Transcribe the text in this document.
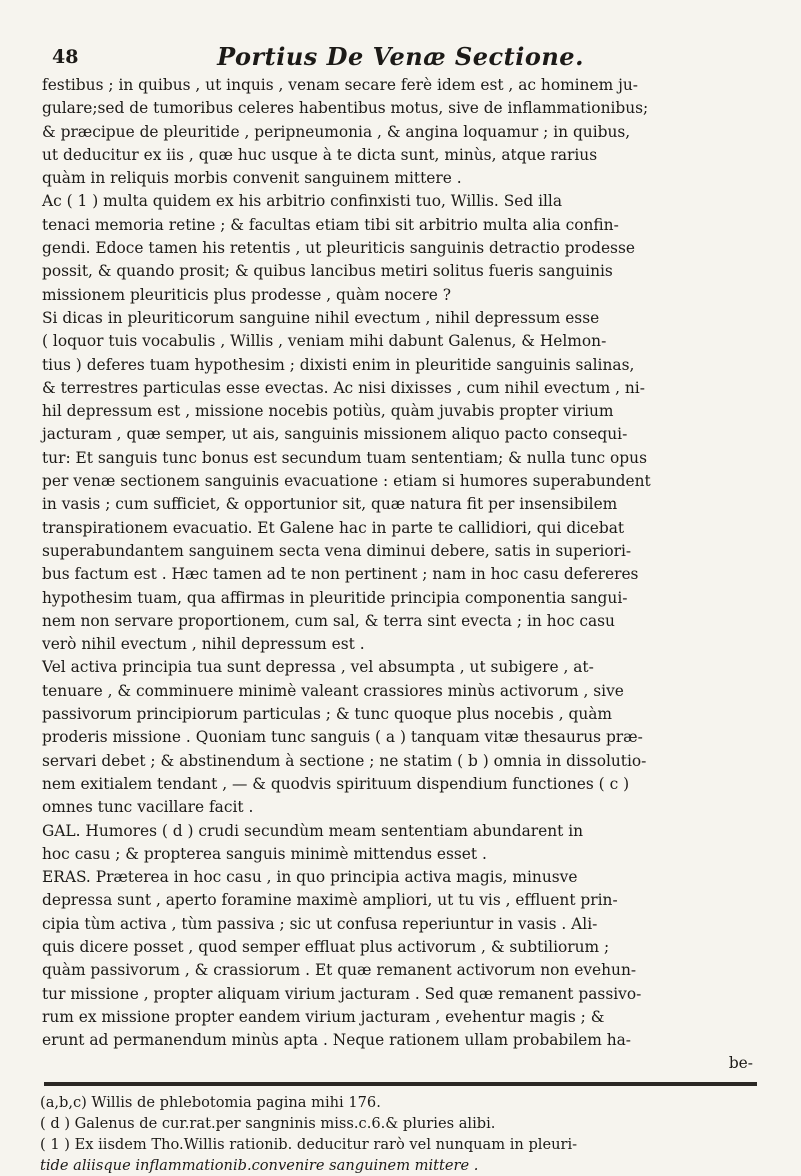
48	Portius De Venæ Sectione.
festibus ; in quibus , ut inquis , venam secare ferè idem est , ac hominem ju-
gulare;sed de tumoribus celeres habentibus motus, sive de inflammationibus;
& præcipue de pleuritide , peripneumonia , & angina loquamur ; in quibus,
ut deducitur ex iis , quæ huc usque à te dicta sunt, minùs, atque rarius
quàm in reliquis morbis convenit sanguinem mittere .
Ac ( 1 ) multa quidem ex his arbitrio confinxisti tuo, Willis. Sed illa
tenaci memoria retine ; & facultas etiam tibi sit arbitrio multa alia confin-
gendi. Edoce tamen his retentis , ut pleuriticis sanguinis detractio prodesse
possit, & quando prosit; & quibus lancibus metiri solitus fueris sanguinis
missionem pleuriticis plus prodesse , quàm nocere ?
Si dicas in pleuriticorum sanguine nihil evectum , nihil depressum esse
( loquor tuis vocabulis , Willis , veniam mihi dabunt Galenus, & Helmon-
tius ) deferes tuam hypothesim ; dixisti enim in pleuritide sanguinis salinas,
& terrestres particulas esse evectas. Ac nisi dixisses , cum nihil evectum , ni-
hil depressum est , missione nocebis potiùs, quàm juvabis propter virium
jacturam , quæ semper, ut ais, sanguinis missionem aliquo pacto consequi-
tur: Et sanguis tunc bonus est secundum tuam sententiam; & nulla tunc opus
per venæ sectionem sanguinis evacuatione : etiam si humores superabundent
in vasis ; cum sufficiet, & opportunior sit, quæ natura fit per insensibilem
transpirationem evacuatio. Et Galene hac in parte te callidiori, qui dicebat
superabundantem sanguinem secta vena diminui debere, satis in superiori-
bus factum est . Hæc tamen ad te non pertinent ; nam in hoc casu defereres
hypothesim tuam, qua affirmas in pleuritide principia componentia sangui-
nem non servare proportionem, cum sal, & terra sint evecta ; in hoc casu
verò nihil evectum , nihil depressum est .
Vel activa principia tua sunt depressa , vel absumpta , ut subigere , at-
tenuare , & comminuere minimè valeant crassiores minùs activorum , sive
passivorum principiorum particulas ; & tunc quoque plus nocebis , quàm
proderis missione . Quoniam tunc sanguis ( a ) tanquam vitæ thesaurus præ-
servari debet ; & abstinendum à sectione ; ne statim ( b ) omnia in dissolutio-
nem exitialem tendant , — & quodvis spirituum dispendium functiones ( c )
omnes tunc vacillare facit .
GAL. Humores ( d ) crudi secundùm meam sententiam abundarent in
hoc casu ; & propterea sanguis minimè mittendus esset .
ERAS. Præterea in hoc casu , in quo principia activa magis, minusve
depressa sunt , aperto foramine maximè ampliori, ut tu vis , effluent prin-
cipia tùm activa , tùm passiva ; sic ut confusa reperiuntur in vasis . Ali-
quis dicere posset , quod semper effluat plus activorum , & subtiliorum ;
quàm passivorum , & crassiorum . Et quæ remanent activorum non evehun-
tur missione , propter aliquam virium jacturam . Sed quæ remanent passivo-
rum ex missione propter eandem virium jacturam , evehentur magis ; &
erunt ad permanendum minùs apta . Neque rationem ullam probabilem ha-
be-
(a,b,c) Willis de phlebotomia pagina mihi 176.
( d ) Galenus de cur.rat.per sangninis miss.c.6.& pluries alibi.
( 1 ) Ex iisdem Tho.Willis rationib. deducitur rarò vel nunquam in pleuri-
tide aliisque inflammationib.convenire sanguinem mittere .
